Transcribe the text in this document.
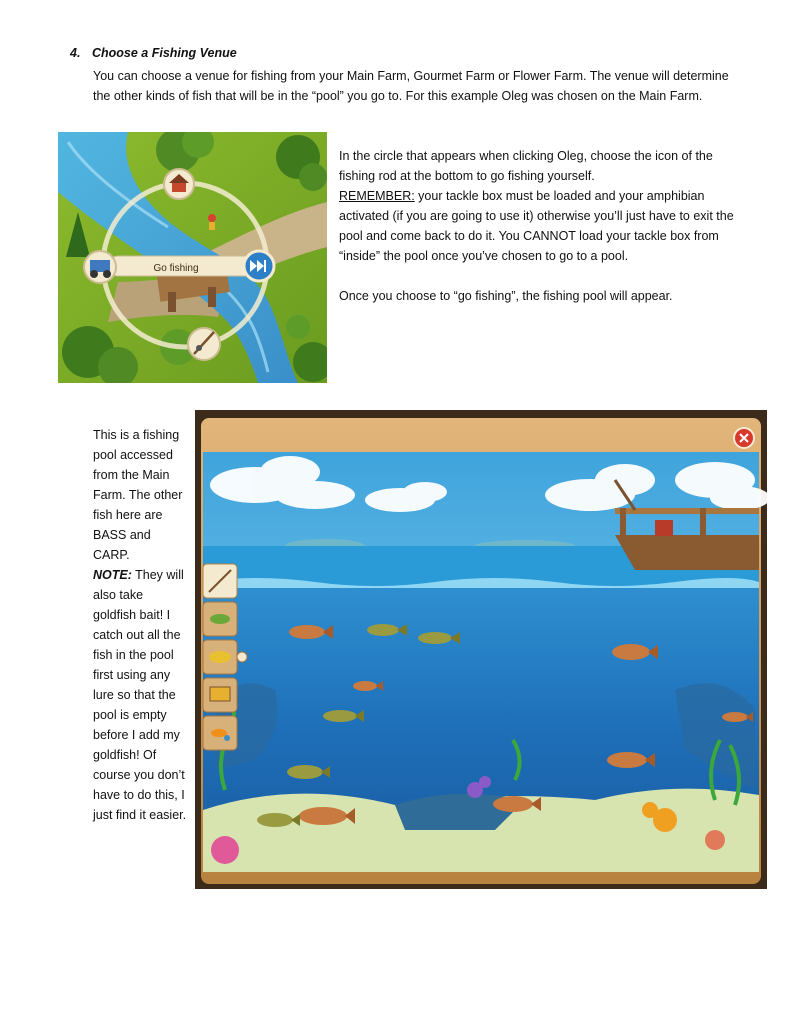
4. Choose a Fishing Venue
You can choose a venue for fishing from your Main Farm, Gourmet Farm or Flower Farm. The venue will determine the other kinds of fish that will be in the “pool” you go to. For this example Oleg was chosen on the Main Farm.
Go fishing
In the circle that appears when clicking Oleg, choose the icon of the fishing rod at the bottom to go fishing yourself.
REMEMBER: your tackle box must be loaded and your amphibian activated (if you are going to use it) otherwise you’ll just have to exit the pool and come back to do it. You CANNOT load your tackle box from “inside” the pool once you’ve chosen to go to a pool.
Once you choose to “go fishing”, the fishing pool will appear.
This is a fishing pool accessed from the Main Farm. The other fish here are BASS and CARP.
NOTE: They will also take goldfish bait! I catch out all the fish in the pool first using any lure so that the pool is empty before I add my goldfish! Of course you don’t have to do this, I just find it easier.
